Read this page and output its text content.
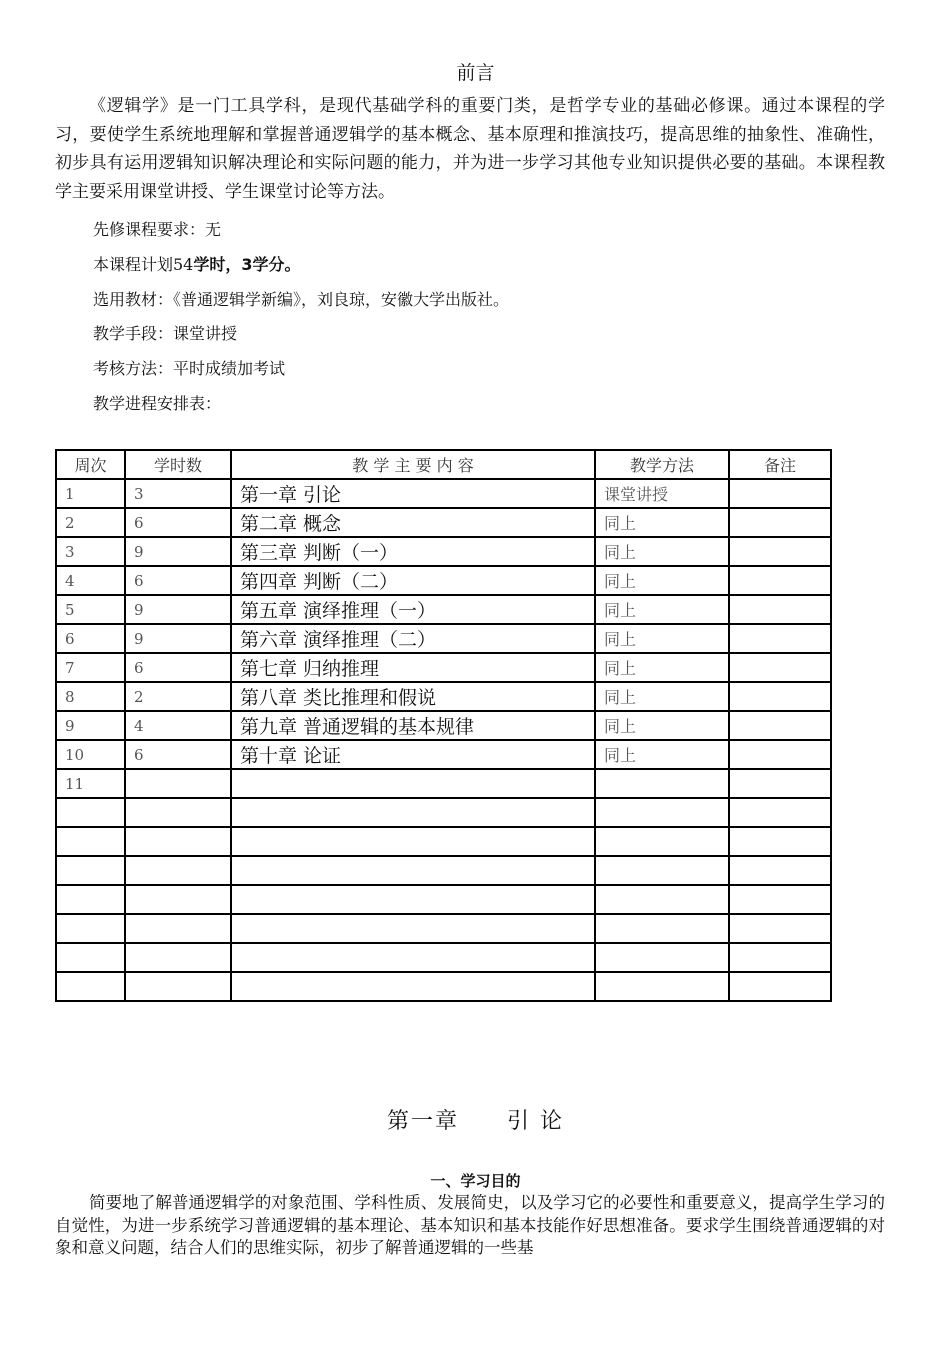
前言
《逻辑学》是一门工具学科，是现代基础学科的重要门类，是哲学专业的基础必修课。通过本课程的学习，要使学生系统地理解和掌握普通逻辑学的基本概念、基本原理和推演技巧，提高思维的抽象性、准确性，初步具有运用逻辑知识解决理论和实际问题的能力，并为进一步学习其他专业知识提供必要的基础。本课程教学主要采用课堂讲授、学生课堂讨论等方法。
先修课程要求：无
本课程计划54学时，3学分。
选用教材：《普通逻辑学新编》，刘良琼，安徽大学出版社。
教学手段：课堂讲授
考核方法：平时成绩加考试
教学进程安排表：
周次	学时数	教 学 主 要 内 容	教学方法	备注
1	3	第一章 引论	课堂讲授	
2	6	第二章 概念	同上	
3	9	第三章 判断（一）	同上	
4	6	第四章 判断（二）	同上	
5	9	第五章 演绎推理（一）	同上	
6	9	第六章 演绎推理（二）	同上	
7	6	第七章 归纳推理	同上	
8	2	第八章 类比推理和假说	同上	
9	4	第九章 普通逻辑的基本规律	同上	
10	6	第十章 论证	同上	
11				

第一章 引 论
一、学习目的
简要地了解普通逻辑学的对象范围、学科性质、发展简史，以及学习它的必要性和重要意义，提高学生学习的自觉性，为进一步系统学习普通逻辑的基本理论、基本知识和基本技能作好思想准备。要求学生围绕普通逻辑的对象和意义问题，结合人们的思维实际，初步了解普通逻辑的一些基
